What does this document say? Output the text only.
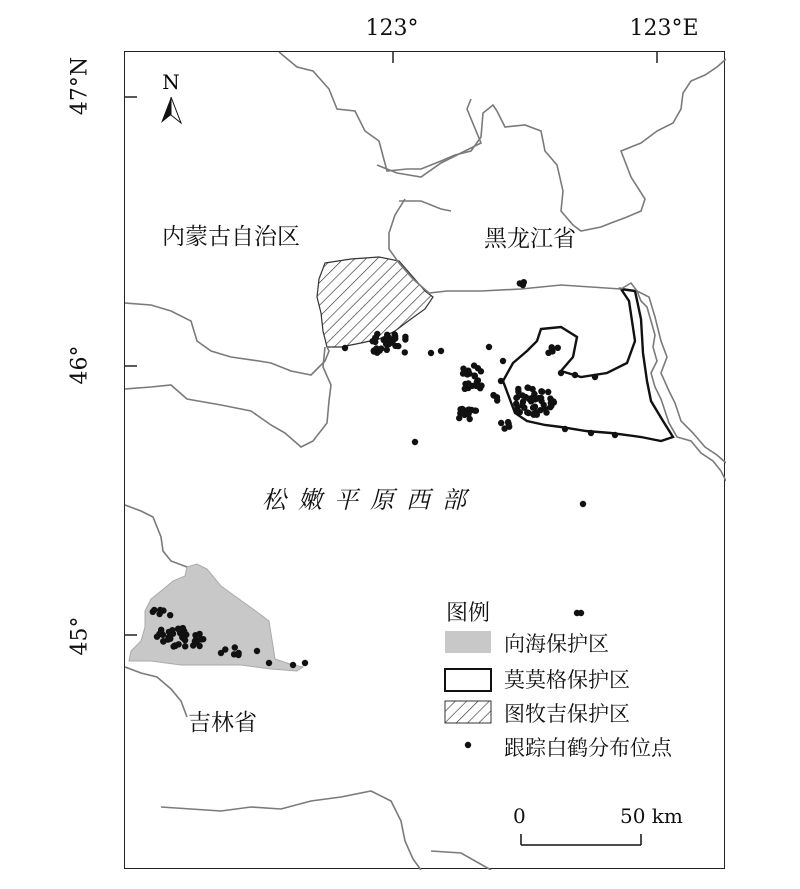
123°	123°E
47°N
46°
45°
N
内蒙古自治区	黑龙江省
吉林省
松嫩平原西部
图例
向海保护区
莫莫格保护区
图牧吉保护区
跟踪白鹤分布位点
0	50 km
